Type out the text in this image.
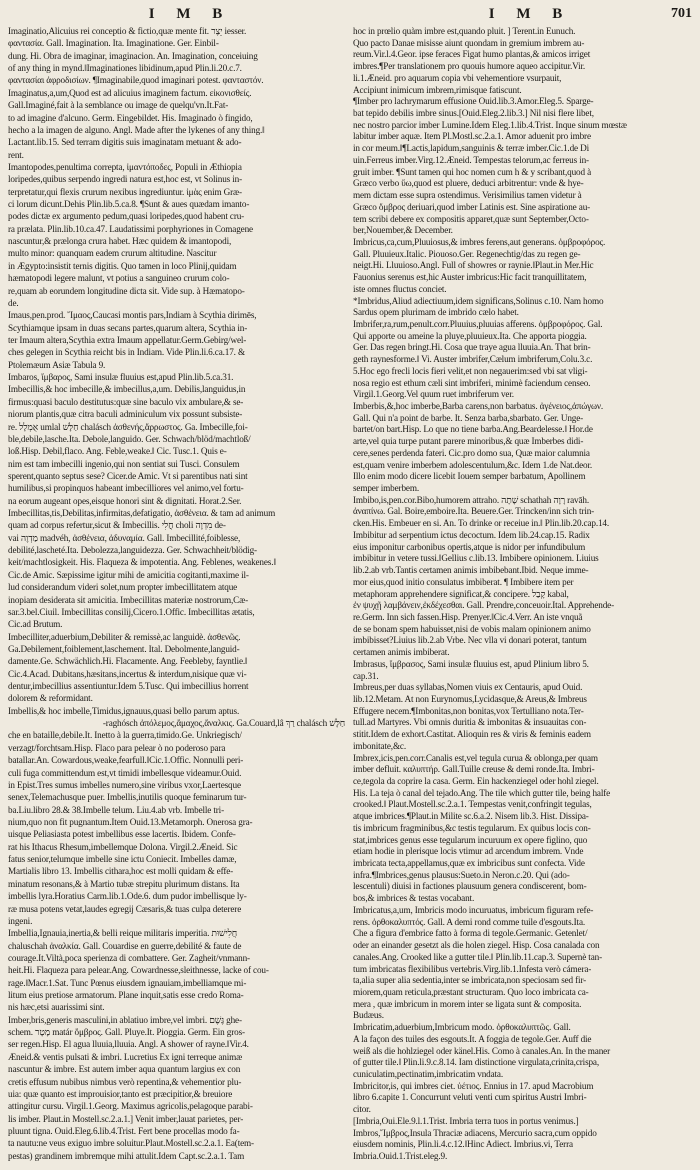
I M B	I M B	701
Imaginatio,Alicuius rei conceptio & fictio,quæ mente fit. יֵצֶר iesser.
φαντασία. Gall. Imagination. Ita. Imaginatione. Ger. Einbil-
dung. Hi. Obra de imaginar, imaginacion. An. Imagination, conceiuing
of any thing in mynd.‖Imaginationes libidinum,apud Plin.li.20.c.7.
φαντασίαι ἀφροδισίων. ¶Imaginabile,quod imaginari potest. φανταστόν.
Imaginatus,a,um,Quod est ad alicuius imaginem factum. εἰκονισθείς.
Gall.Imaginé,fait à la semblance ou image de quelqu'vn.It.Fat-
to ad imagine d'alcuno. Germ. Eingebildet. His. Imaginado ò fingido,
hecho a la imagen de alguno. Angl. Made after the lykenes of any thing.‖
Lactant.lib.15. Sed terram digitis suis imaginatam metuant & ado-
rent.
Imantopodes,penultima correpta, ἱμαντόποδες, Populi in Æthiopia
loripedes,quibus serpendo ingredi natura est,hoc est, vt Solinus in-
terpretatur,qui flexis crurum nexibus ingrediuntur. ἱμὰς enim Græ-
ci lorum dicunt.Dehis Plin.lib.5.ca.8. ¶Sunt & aues quædam imanto-
podes dictæ ex argumento pedum,quasi loripedes,quod habent cru-
ra prælata. Plin.lib.10.ca.47. Laudatissimi porphyriones in Comagene
nascuntur,& prælonga crura habet. Hæc quidem & imantopodi,
multo minor: quanquam eadem crurum altitudine. Nascitur
in Ægypto:insistit ternis digitis. Quo tamen in loco Plinij,quidam
hæmatopodi legere malunt, vt potius a sanguineo crurum colo-
re,quam ab eorundem longitudine dicta sit. Vide sup. à Hæmatopo-
de.
Imaus,pen.prod. Ἴμαος,Caucasi montis pars,Indiam à Scythia dirimēs,
Scythiamque ipsam in duas secans partes,quarum altera, Scythia in-
ter Imaum altera,Scythia extra Imaum appellatur.Germ.Gebirg/wel-
ches gelegen in Scythia reicht bis in Indiam. Vide Plin.li.6.ca.17. &
Ptolemæum Asiæ Tabula 9.
Imbaros, ἴμβαρος, Sami insulæ fluuius est,apud Plin.lib.5.ca.31.
Imbecillis,& hoc imbecille,& imbecillus,a,um. Debilis,languidus,in
firmus:quasi baculo destitutus:quæ sine baculo vix ambulare,& se-
niorum plantis,quæ citra baculi adminiculum vix possunt subsiste-
re. אֻמְלָל umlal חַלָּשׁ chalásch ἀσθενής,ἄρρωστος. Ga. Imbecille,foi-
ble,debile,lasche.Ita. Debole,languido. Ger. Schwach/blöd/machtloß/
loß.Hisp. Debil,flaco. Ang. Feble,weake.‖ Cic. Tusc.1. Quis e-
nim est tam imbecilli ingenio,qui non sentiat sui Tusci. Consulem
sperent,quanto septus sese? Cicer.de Amic. Vt si parentibus nati sint
humilibus,si propinquos habeant imbecilliores vel animo,vel fortu-
na eorum augeant opes,eisque honori sint & dignitati. Horat.2.Ser.
Imbecillitas,tis,Debilitas,infirmitas,defatigatio, ἀσθένεια. & tam ad animum
quam ad corpus refertur,sicut & Imbecillis. חֳלִי choli מִדְוֶה de-
vai מַדְוֶה madvéh, ἀσθένεια, ἀδυναμία. Gall. Imbecillité,foiblesse,
debilité,lascheté.Ita. Debolezza,languidezza. Ger. Schwachheit/blödig-
keit/machtlosigkeit. His. Flaqueza & impotentia. Ang. Feblenes, weakenes.‖
Cic.de Amic. Sæpissime igitur mihi de amicitia cogitanti,maxime il-
lud considerandum videri solet,num propter imbecillitatem atque
inopiam desiderata sit amicitia. Imbecillitas materiæ nostrorum,Cæ-
sar.3.bel.Ciuil. Imbecillitas consilij,Cicero.1.Offic. Imbecillitas ætatis,
Cic.ad Brutum.
Imbecilliter,aduerbium,Debiliter & remissè,ac languidè. ἀσθενῶς.
Ga.Debilement,foiblement,laschement. Ital. Debolmente,languid-
damente.Ge. Schwächlich.Hi. Flacamente. Ang. Feebleby, fayntlie.‖
Cic.4.Acad. Dubitans,hæsitans,incertus & interdum,nisique quæ vi-
dentur,imbecillius assentiuntur.Idem 5.Tusc. Qui imbecillius horrent
dolorem & reformidant.
Imbellis,& hoc imbelle,Timidus,ignauus,quasi bello parum aptus.
חַלָּשׁ chalásch רַךְ raghósch ἀπόλεμος,ἄμαχος,ἄναλκις. Ga.Couard,lâ-
che en bataille,debile.It. Inetto à la guerra,timido.Ge. Unkriegisch/
verzagt/forchtsam.Hisp. Flaco para pelear ò no poderoso para
batallar.An. Cowardous,weake,fearfull.‖Cic.1.Offic. Nonnulli peri-
culi fuga committendum est,vt timidi imbellesque videamur.Ouid.
in Epist.Tres sumus imbelles numero,sine viribus vxor,Laertesque
senex,Telemachusque puer. Imbellis,inutilis quoque feminarum tur-
ba.Liu.libro 28.& 38.Imbelle telum. Liu.4.ab vrb. Imbelle tri-
nium,quo non fit pugnantum.Item Ouid.13.Metamorph. Onerosa gra-
uisque Peliasiasta potest imbellibus esse lacertis. Ibidem. Confe-
rat his Ithacus Rhesum,imbellemque Dolona. Virgil.2.Æneid. Sic
fatus senior,telumque imbelle sine ictu Coniecit. Imbelles damæ,
Martialis libro 13. Imbellis cithara,hoc est molli quidam & effe-
minatum resonans,& à Martio tubæ strepitu plurimum distans. Ita
imbellis lyra.Horatius Carm.lib.1.Ode.6. dum pudor imbellisque ly-
ræ musa potens vetat,laudes egregij Cæsaris,& tuas culpa deterere
ingeni.
Imbellia,Ignauia,inertia,& belli reique militaris imperitia. חֲלִישׁוּת
chaluschah ἀναλκία. Gall. Couardise en guerre,debilité & faute de
courage.It.Viltà,poca sperienza di combattere. Ger. Zagheit/vnmann-
heit.Hi. Flaqueza para pelear.Ang. Cowardnesse,sleithnesse, lacke of cou-
rage.‖Macr.1.Sat. Tunc Pœnus eiusdem ignauiam,imbelliamque mi-
litum eius pretiose armatorum. Plane inquit,satis esse credo Roma-
nis hæc,etsi auarissimi sint.
Imber,bris,generis masculini,in ablatiuo imbre,vel imbri. גֶּשֶׁם ghe-
schem. מָטָר matár ὄμβρος. Gall. Pluye.It. Pioggia. Germ. Ein gros-
ser regen.Hisp. El agua lluuia,lluuia. Angl. A shower of rayne.‖Vir.4.
Æneid.& ventis pulsati & imbri. Lucretius Ex igni terreque animæ
nascuntur & imbre. Est autem imber aqua quantum largius ex con
cretis effusum nubibus nimbus verò repentina,& vehementior plu-
uia: quæ quanto est improuisior,tanto est præcipitior,& breuiore
attingitur cursu. Virgil.1.Georg. Maximus agricolis,pelagoque parabi-
lis imber. Plaut.in Mostell.sc.2.a.1.] Venit imber,lauat parietes, per-
pluunt tigna. Ouid.Eleg.6.lib.4.Trist. Fert bene procellas modo fa-
ta nautu:ne veus exiguo imbre soluitur.Plaut.Mostell.sc.2.a.1. Ea(tem-
pestas) grandinem imbremque mihi attulit.Idem Capt.sc.2.a.1. Tam
hoc in prœlio quàm imbre est,quando pluit. ] Terent.in Eunuch.
Quo pacto Danae misisse aiunt quondam in gremium imbrem au-
reum.Vir.l.4.Geor. ipse feraces Figat humo plantas,& amicos irriget
imbres.¶Per translationem pro quouis humore aqueo accipitur.Vir.
li.1.Æneid. pro aquarum copia vbi vehementiore vsurpauit,
Accipiunt inimicum imbrem,rimisque fatiscunt.
¶Imber pro lachrymarum effusione Ouid.lib.3.Amor.Eleg.5. Sparge-
bat tepido debilis imbre sinus.[Ouid.Eleg.2.lib.3.] Nil nisi flere libet,
nec nostro parcior imber Lumine.Idem Eleg.1.lib.4.Trist. Inque sinum mœstæ
labitur imber aquæ. Item Pl.Mostl.sc.2.a.1. Amor aduenit pro imbre
in cor meum.‖¶Lactis,lapidum,sanguinis & terræ imber.Cic.1.de Di
uin.Ferreus imber.Virg.12.Æneid. Tempestas telorum,ac ferreus in-
gruit imber. ¶Sunt tamen qui hoc nomen cum h & y scribant,quod à
Græco verbo ὕω,quod est pluere, deduci arbitrentur: vnde & hye-
mem dictam esse supra ostendimus. Verisimilius tamen videtur à
Græco ὄμβρος deriuari,quod imber Latinis est. Sine aspiratione au-
tem scribi debere ex compositis apparet,quæ sunt September,Octo-
ber,Nouember,& December.
Imbricus,ca,cum,Pluuiosus,& imbres ferens,aut generans. ὀμβροφόρος.
Gall. Pluuieux.Italic. Piouoso.Ger. Regenechtig/das zu regen ge-
neigt.Hi. Lluuioso.Angl. Full of showres or raynie.‖Plaut.in Mer.Hic
Fauonius serenus est,hic Auster imbricus:Hic facit tranquillitatem,
iste omnes fluctus conciet.
*Imbridus,Aliud adiectiuum,idem significans,Solinus c.10. Nam homo
Sardus opem plurimam de imbrido cælo habet.
Imbrifer,ra,rum,penult.corr.Pluuius,pluuias afferens. ὀμβροφόρος. Gal.
Qui apporte ou ameine la pluye,pluuieux.Ita. Che apporta pioggia.
Ger. Das regen bringt.Hi. Cosa que traye agua lluuia.An. That brin-
geth raynesforme.‖ Vi. Auster imbrifer,Cælum imbriferum,Colu.3.c.
5.Hoc ego frecli locis fieri velit,et non negauerim:sed vbi sat vligi-
nosa regio est ethum cæli sint imbriferi, minimè faciendum censeo.
Virgil.1.Georg.Vel quum ruet imbriferum ver.
Imberbis,&,hoc imberbe,Barba carens,non barbatus. ἀγένειος,ἀπώγων.
Gall. Qui n'a point de barbe. It. Senza barba,sbarbato. Ger. Unge-
bartet/on bart.Hisp. Lo que no tiene barba.Ang.Beardelesse.‖ Hor.de
arte,vel quia turpe putant parere minoribus,& quæ Imberbes didi-
cere,senes perdenda fateri. Cic.pro domo sua, Quæ maior calumnia
est,quam venire imberbem adolescentulum,&c. Idem 1.de Nat.deor.
Illo enim modo dicere licebit Iouem semper barbatum, Apollinem
semper imberbem.
Imbibo,is,pen.cor.Bibo,humorem attraho. שָׁתָה schathah רָוָה ravāh.
ἀναπίνω. Gal. Boire,emboire.Ita. Beuere.Ger. Trincken/inn sich trin-
cken.His. Embeuer en si. An. To drinke or receiue in.‖ Plin.lib.20.cap.14.
Imbibitur ad serpentium ictus decoctum. Idem lib.24.cap.15. Radix
eius imponitur carbonibus opertis,atque is nidor per infundibulum
imbibitur in vetere tussi.‖Gellius c.lib.13. Imbibere opinionem. Liuius
lib.2.ab vrb.Tantis certamen animis imbibebant.Ibid. Neque imme-
mor eius,quod initio consulatus imbiberat. ¶ Imbibere item per
metaphoram apprehendere significat,& concipere. קָבַל kabal,
ἐν ψυχῇ λαμβάνειν,ἐκδέχεσθαι. Gall. Prendre,conceuoir.Ital. Apprehende-
re.Germ. Inn sich fassen.Hisp. Prenyer.‖Cic.4.Verr. An iste vnquã
de se bonam spem habuisset,nisi de vobis malam opinionem animo
imbibisset?Liuius lib.2.ab Vrbe. Nec vlla vi donari poterat, tantum
certamen animis imbiberat.
Imbrasus, ἴμβρασος, Sami insulæ fluuius est, apud Plinium libro 5.
cap.31.
Imbreus,per duas syllabas,Nomen viuis ex Centauris, apud Ouid.
lib.12.Metam. At non Eurynomus,Lycidasque,& Areus,& Imbreus
Effugere necem.¶Imbonitas,non bonitas,vox Tertulliano nota.Ter-
tull.ad Martyres. Vbi omnis duritia & imbonitas & insuauitas con-
stitit.Idem de exhort.Castitat. Alioquin res & viris & feminis eadem
imbonitate,&c.
Imbrex,icis,pen.corr.Canalis est,vel tegula curua & oblonga,per quam
imber defluit. καλυπτήρ. Gall.Tuille creuse & demi ronde.Ita. Imbri-
ce,tegola da coprire la casa. Germ. Ein hackenziegel oder hohl ziegel.
His. La teja ò canal del tejado.Ang. The tile which gutter tile, being halfe
crooked.‖ Plaut.Mostell.sc.2.a.1. Tempestas venit,confringit tegulas,
atque imbrices.¶Plaut.in Milite sc.6.a.2. Nisem lib.3. Hist. Dissipa-
tis imbricum fragminibus,&c testis tegularum. Ex quibus locis con-
stat,imbrices genus esse tegularum incuruum ex opere figlino, quo
etiam hodie in plerisque locis vtimur ad arcendum imbrem. Vnde
imbricata tecta,appellamus,quæ ex imbricibus sunt confecta. Vide
infra.¶Imbrices,genus plausus:Sueto.in Neron.c.20. Qui (ado-
lescentuli) diuisi in factiones plausuum genera condiscerent, bom-
bos,& imbrices & testas vocabant.
Imbricatus,a,um, Imbricis modo incuruatus, imbricum figuram refe-
rens. ὀρθοκαλυπτός. Gall. A demi rond comme tuile d'esgouts.Ita.
Che a figura d'embrice fatto à forma di tegole.Germanic. Getenlet/
oder an einander gesetzt als die holen ziegel. Hisp. Cosa canalada con
canales.Ang. Crooked like a gutter tile.‖ Plin.lib.11.cap.3. Supernè tan-
tum imbricatas flexibilibus vertebris.Virg.lib.1.Infesta verò cámera-
ta,alia super alia sedentia,inter se imbricata,non speciosam sed fir-
miorem,quam reticula,præstant structuram. Quo loco imbricata ca-
mera , quæ imbricum in morem inter se ligata sunt & composita.
Budæus.
Imbricatim,aduerbium,Imbricum modo. ὀρθοκαλυπτῶς. Gall.
A la façon des tuiles des esgouts.It. A foggia de tegole.Ger. Auff die
weiß als die hohlziegel oder känel.His. Como à canales.An. In the maner
of gutter tile.‖ Plin.li.9.c.8.14. Iam distinctione virgulata,crinita,crispa,
cuniculatim,pectinatim,imbricatim vndata.
Imbricitor,is, qui imbres ciet. ὑέτιος. Ennius in 17. apud Macrobium
libro 6.capite 1. Concurrunt veluti venti cum spiritus Austri Imbri-
citor.
[Imbria,Oui.Ele.9.l.1.Trist. Imbria terra tuos in portus venimus.]
Imbros,Ἴμβρος,Insula Thraciæ adiacens, Mercurio sacra,cum oppido
eiusdem nominis, Plin.li.4.c.12.‖Hinc Adiect. Imbrius.vi, Terra
Imbria.Ouid.1.Trist.eleg.9.
